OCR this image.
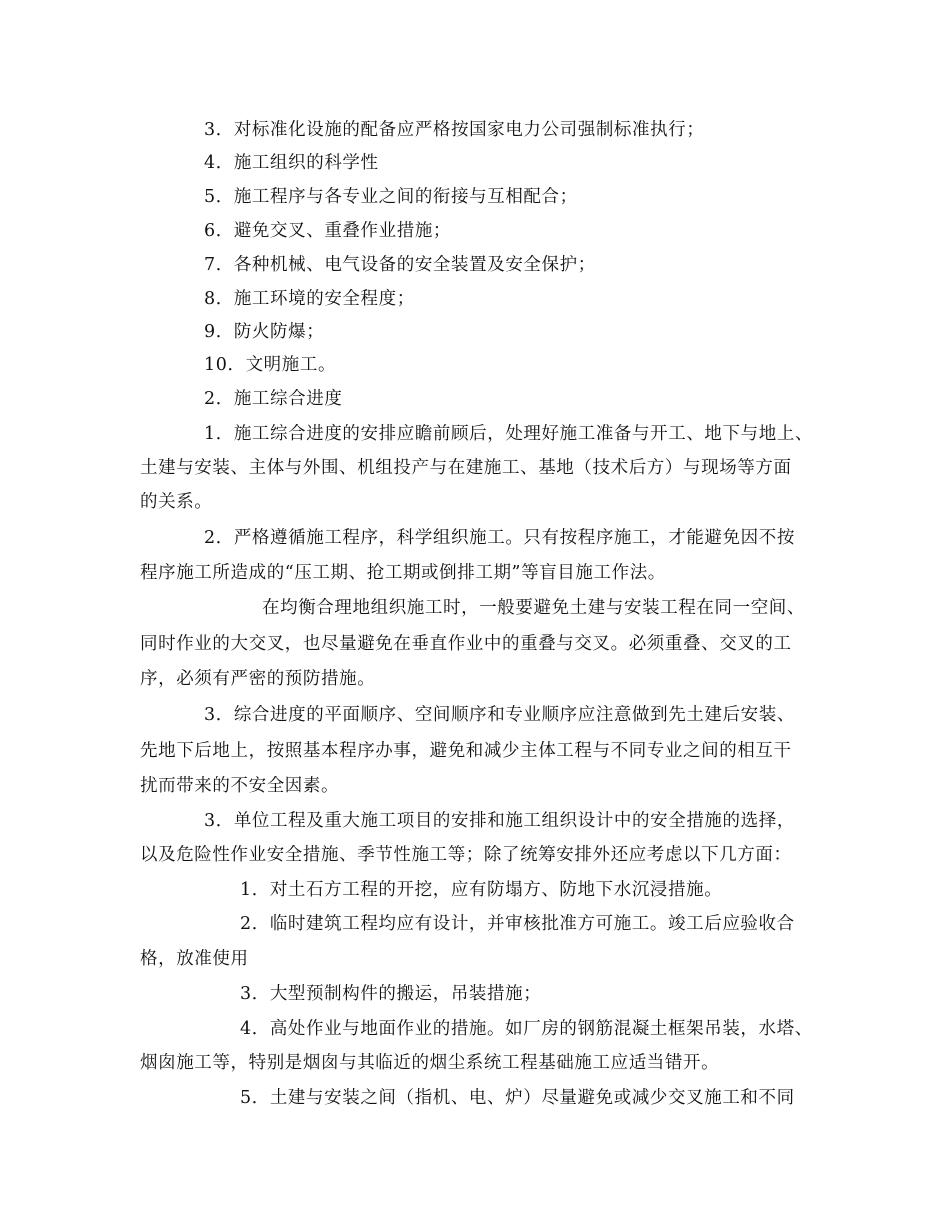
3．对标准化设施的配备应严格按国家电力公司强制标准执行；
4．施工组织的科学性
5．施工程序与各专业之间的衔接与互相配合；
6．避免交叉、重叠作业措施；
7．各种机械、电气设备的安全装置及安全保护；
8．施工环境的安全程度；
9．防火防爆；
10．文明施工。
2．施工综合进度
1．施工综合进度的安排应瞻前顾后，处理好施工准备与开工、地下与地上、
土建与安装、主体与外围、机组投产与在建施工、基地（技术后方）与现场等方面
的关系。
2．严格遵循施工程序，科学组织施工。只有按程序施工，才能避免因不按
程序施工所造成的“压工期、抢工期或倒排工期”等盲目施工作法。
在均衡合理地组织施工时，一般要避免土建与安装工程在同一空间、
同时作业的大交叉，也尽量避免在垂直作业中的重叠与交叉。必须重叠、交叉的工
序，必须有严密的预防措施。
3．综合进度的平面顺序、空间顺序和专业顺序应注意做到先土建后安装、
先地下后地上，按照基本程序办事，避免和减少主体工程与不同专业之间的相互干
扰而带来的不安全因素。
3．单位工程及重大施工项目的安排和施工组织设计中的安全措施的选择，
以及危险性作业安全措施、季节性施工等；除了统筹安排外还应考虑以下几方面：
1．对土石方工程的开挖，应有防塌方、防地下水沉浸措施。
2．临时建筑工程均应有设计，并审核批准方可施工。竣工后应验收合
格，放准使用
3．大型预制构件的搬运，吊装措施；
4．高处作业与地面作业的措施。如厂房的钢筋混凝土框架吊装，水塔、
烟囱施工等，特别是烟囱与其临近的烟尘系统工程基础施工应适当错开。
5．土建与安装之间（指机、电、炉）尽量避免或减少交叉施工和不同
